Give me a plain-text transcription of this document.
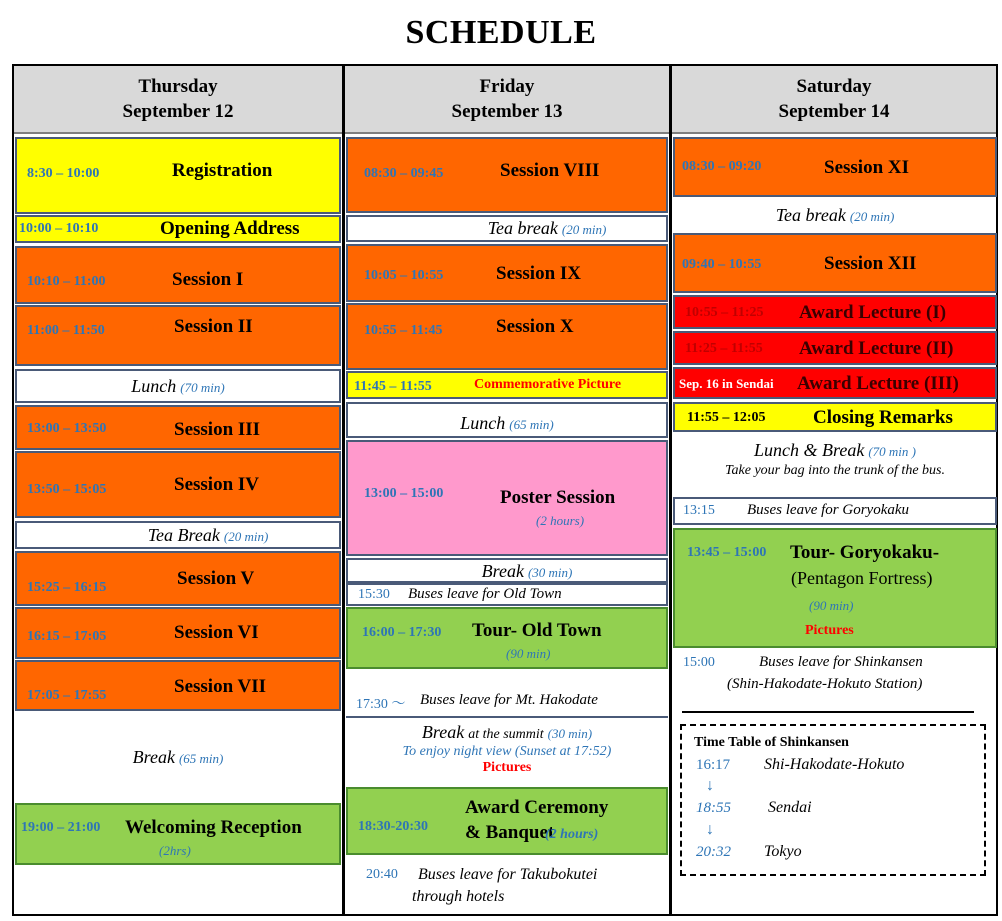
SCHEDULE
Thursday
September 12
Friday
September 13
Saturday
September 14
8:30 – 10:00	Registration
10:00 – 10:10	Opening Address
10:10 – 11:00	Session I
11:00 – 11:50	Session II
Lunch (70 min)
13:00 – 13:50	Session III
13:50 – 15:05	Session IV
Tea Break (20 min)
15:25 – 16:15	Session V
16:15 – 17:05	Session VI
17:05 – 17:55	Session VII
Break (65 min)
19:00 – 21:00 Welcoming Reception
(2hrs)
08:30 – 09:45	Session VIII
Tea break (20 min)
10:05 – 10:55	Session IX
10:55 – 11:45	Session X
11:45 – 11:55	Commemorative Picture
Lunch (65 min)
13:00 – 15:00	Poster Session
(2 hours)
Break (30 min)
15:30 Buses leave for Old Town
16:00 – 17:30 Tour- Old Town
(90 min)
17:30 〜 Buses leave for Mt. Hakodate
Break at the summit (30 min)
To enjoy night view (Sunset at 17:52)
Pictures
18:30-20:30
Award Ceremony
& Banquet
(2 hours)
20:40 Buses leave for Takubokutei
through hotels
08:30 – 09:20	Session XI
Tea break (20 min)
09:40 – 10:55	Session XII
10:55 – 11:25 Award Lecture (I)
11:25 – 11:55 Award Lecture (II)
Sep. 16 in Sendai Award Lecture (III)
11:55 – 12:05 Closing Remarks
Lunch & Break (70 min )
Take your bag into the trunk of the bus.
13:15 Buses leave for Goryokaku
13:45 – 15:00 Tour- Goryokaku-
(Pentagon Fortress)
(90 min)
Pictures
15:00	Buses leave for Shinkansen
(Shin-Hakodate-Hokuto Station)
Time Table of Shinkansen
16:17 Shi-Hakodate-Hokuto
↓
18:55 Sendai
↓
20:32 Tokyo
